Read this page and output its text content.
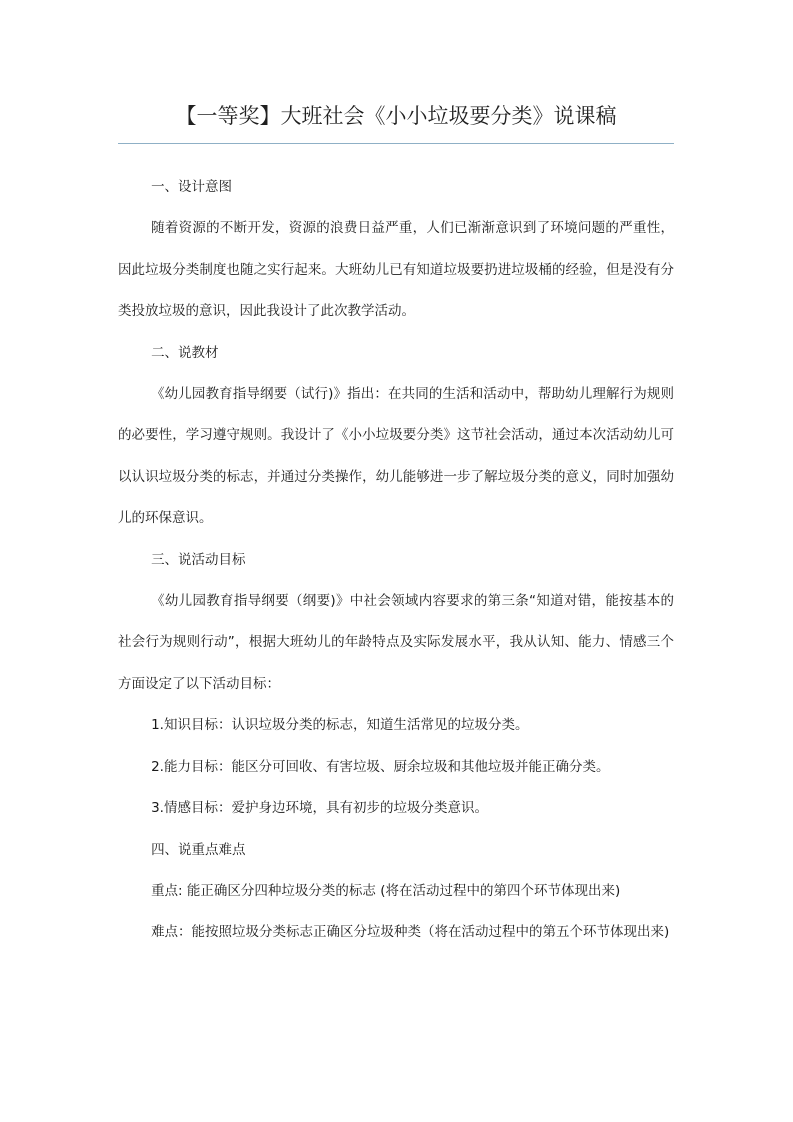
【一等奖】大班社会《小小垃圾要分类》说课稿

一、设计意图

随着资源的不断开发，资源的浪费日益严重，人们已渐渐意识到了环境问题的严重性，因此垃圾分类制度也随之实行起来。大班幼儿已有知道垃圾要扔进垃圾桶的经验，但是没有分类投放垃圾的意识，因此我设计了此次教学活动。

二、说教材

《幼儿园教育指导纲要（试行)》指出：在共同的生活和活动中，帮助幼儿理解行为规则的必要性，学习遵守规则。我设计了《小小垃圾要分类》这节社会活动，通过本次活动幼儿可以认识垃圾分类的标志，并通过分类操作，幼儿能够进一步了解垃圾分类的意义，同时加强幼儿的环保意识。

三、说活动目标

《幼儿园教育指导纲要（纲要)》中社会领域内容要求的第三条“知道对错，能按基本的社会行为规则行动”，根据大班幼儿的年龄特点及实际发展水平，我从认知、能力、情感三个方面设定了以下活动目标：

1.知识目标：认识垃圾分类的标志，知道生活常见的垃圾分类。

2.能力目标：能区分可回收、有害垃圾、厨余垃圾和其他垃圾并能正确分类。

3.情感目标：爱护身边环境，具有初步的垃圾分类意识。

四、说重点难点

重点: 能正确区分四种垃圾分类的标志 (将在活动过程中的第四个环节体现出来)

难点：能按照垃圾分类标志正确区分垃圾种类（将在活动过程中的第五个环节体现出来)
